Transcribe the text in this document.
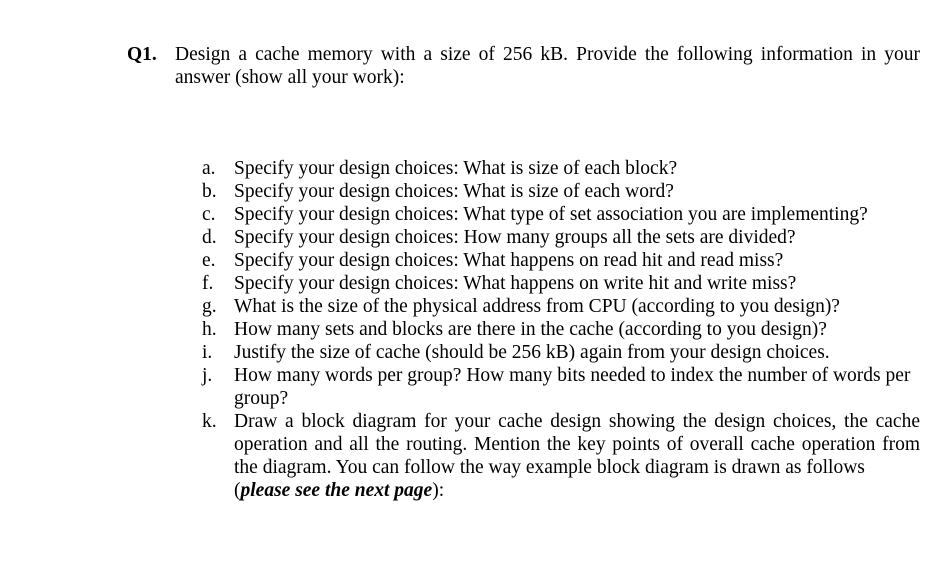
Q1. Design a cache memory with a size of 256 kB. Provide the following information in your answer (show all your work):
a. Specify your design choices: What is size of each block?
b. Specify your design choices: What is size of each word?
c. Specify your design choices: What type of set association you are implementing?
d. Specify your design choices: How many groups all the sets are divided?
e. Specify your design choices: What happens on read hit and read miss?
f. Specify your design choices: What happens on write hit and write miss?
g. What is the size of the physical address from CPU (according to you design)?
h. How many sets and blocks are there in the cache (according to you design)?
i. Justify the size of cache (should be 256 kB) again from your design choices.
j. How many words per group? How many bits needed to index the number of words per group?
k. Draw a block diagram for your cache design showing the design choices, the cache operation and all the routing. Mention the key points of overall cache operation from the diagram. You can follow the way example block diagram is drawn as follows
(please see the next page):
